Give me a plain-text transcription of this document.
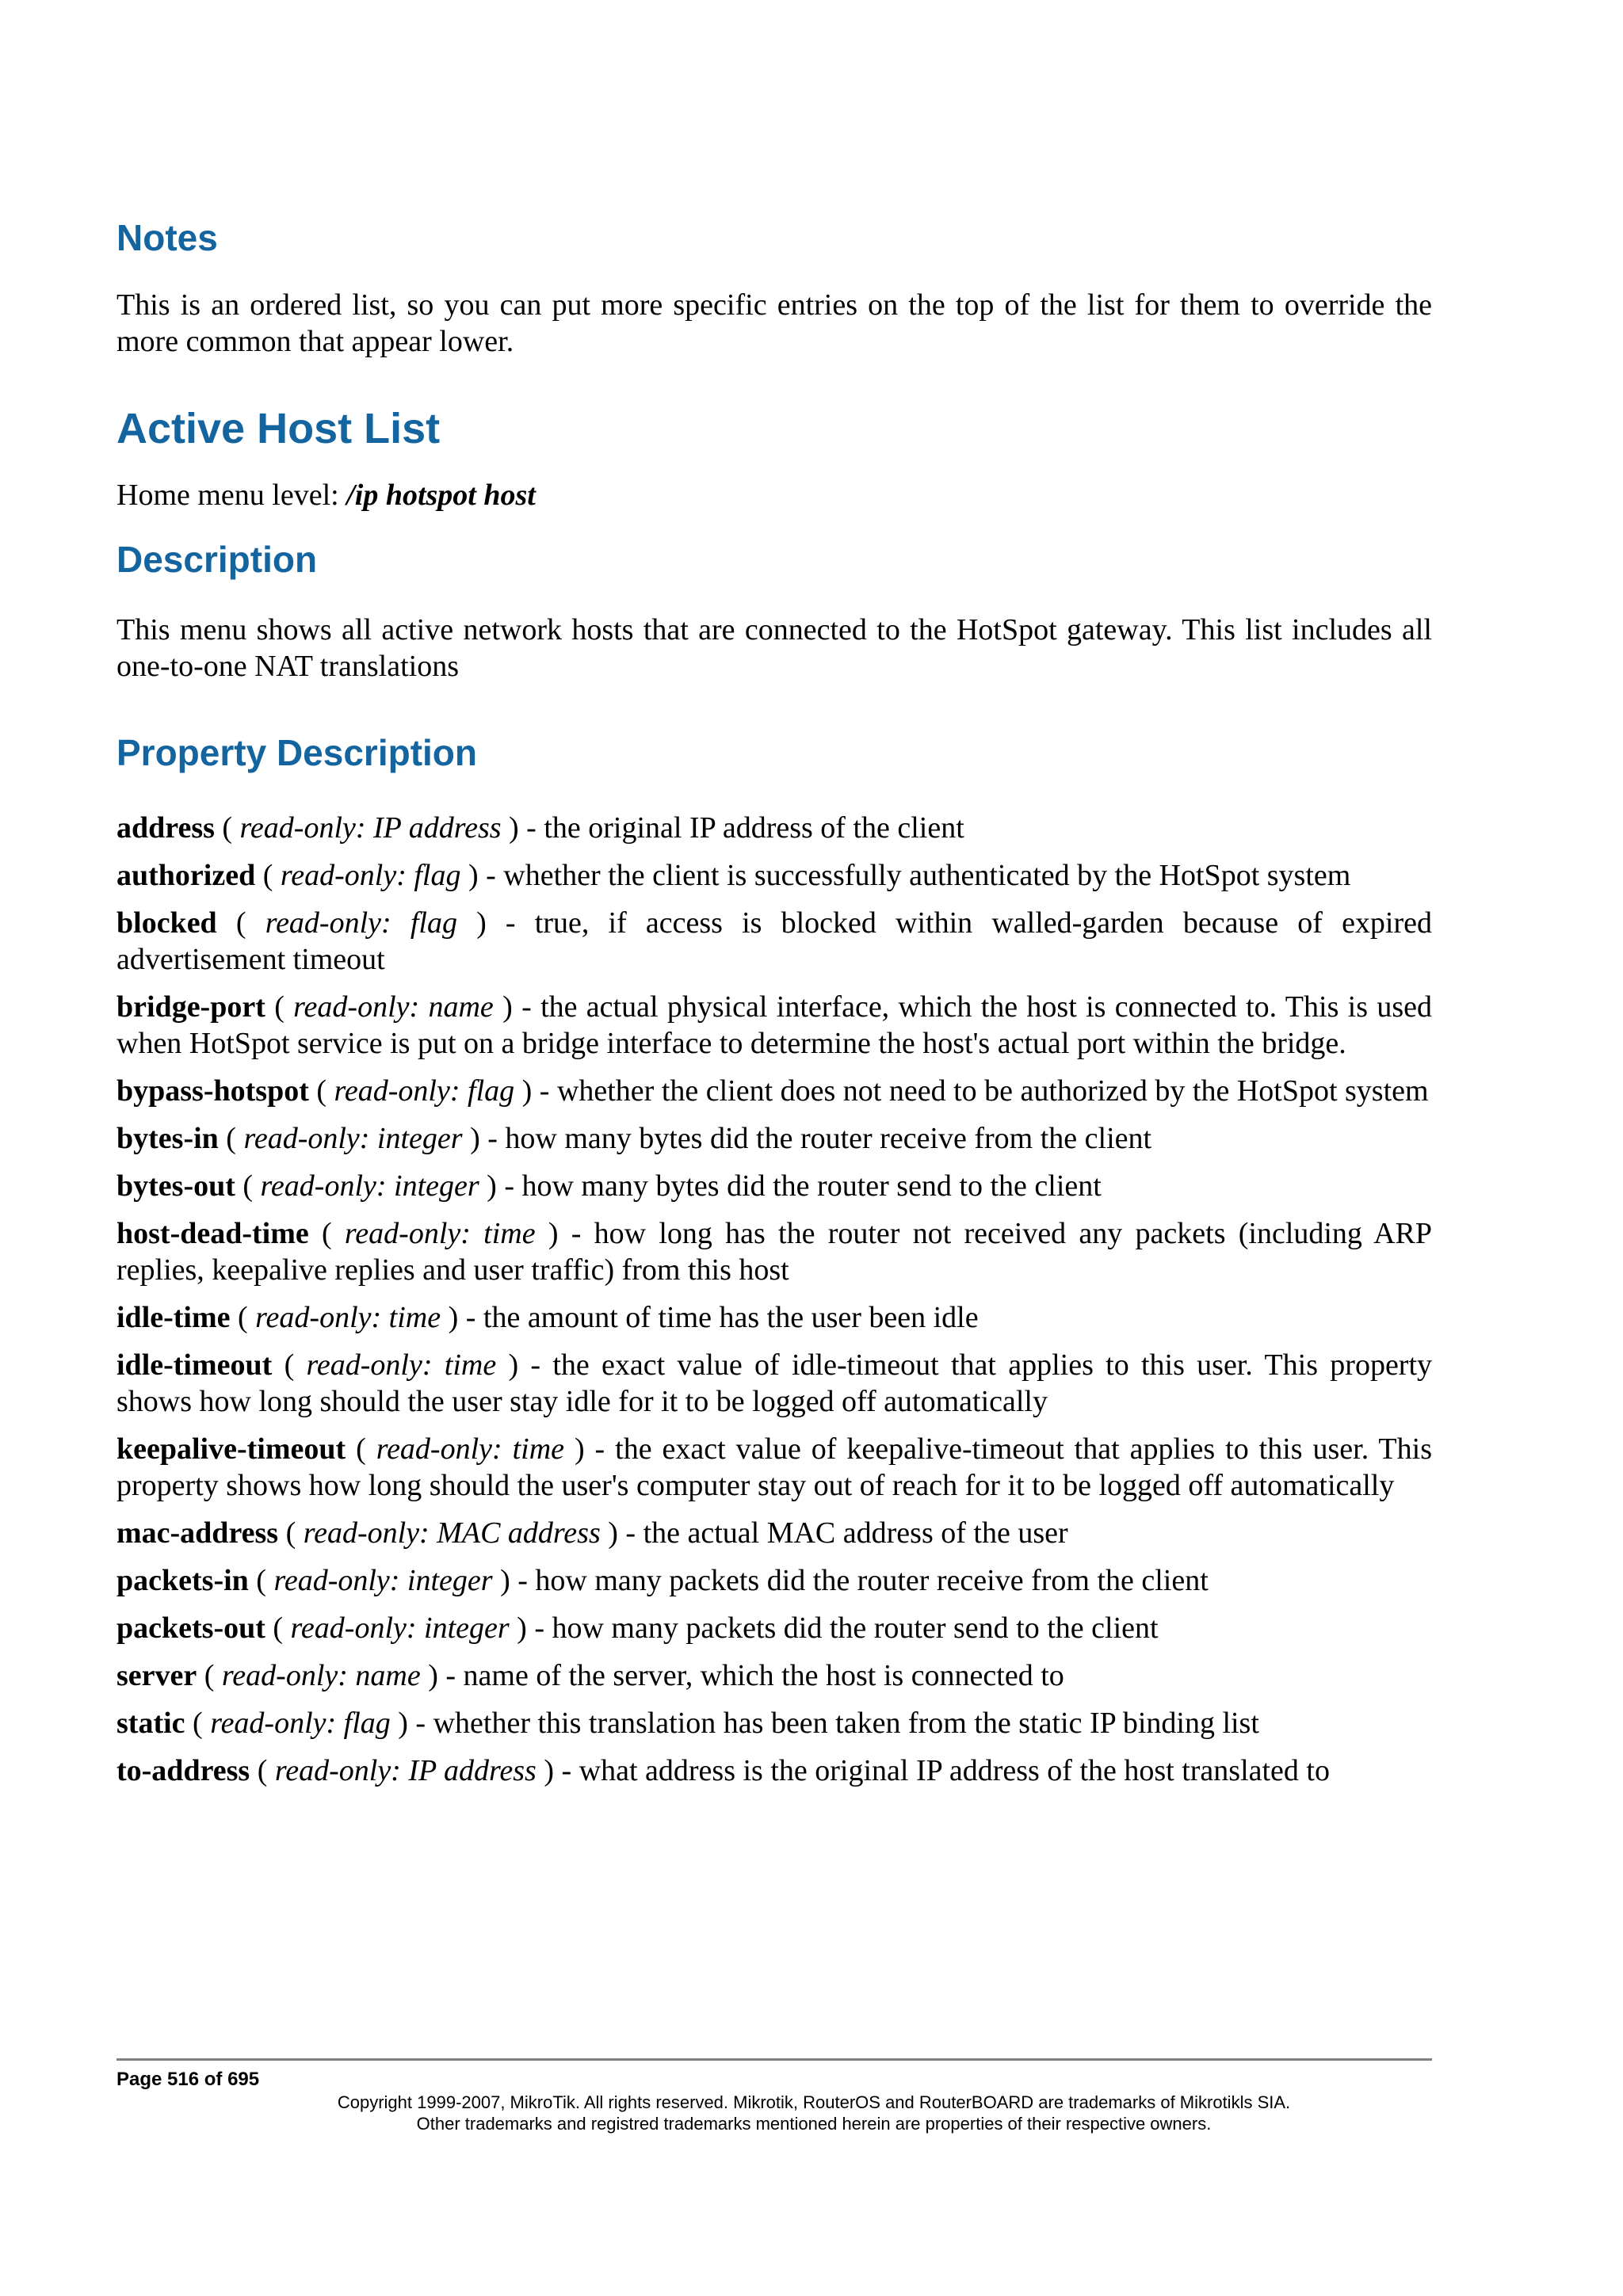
Notes

This is an ordered list, so you can put more specific entries on the top of the list for them to override the more common that appear lower.

Active Host List

Home menu level: /ip hotspot host

Description

This menu shows all active network hosts that are connected to the HotSpot gateway. This list includes all one-to-one NAT translations

Property Description

address ( read-only: IP address ) - the original IP address of the client

authorized ( read-only: flag ) - whether the client is successfully authenticated by the HotSpot system

blocked ( read-only: flag ) - true, if access is blocked within walled-garden because of expired advertisement timeout

bridge-port ( read-only: name ) - the actual physical interface, which the host is connected to. This is used when HotSpot service is put on a bridge interface to determine the host's actual port within the bridge.

bypass-hotspot ( read-only: flag ) - whether the client does not need to be authorized by the HotSpot system

bytes-in ( read-only: integer ) - how many bytes did the router receive from the client

bytes-out ( read-only: integer ) - how many bytes did the router send to the client

host-dead-time ( read-only: time ) - how long has the router not received any packets (including ARP replies, keepalive replies and user traffic) from this host

idle-time ( read-only: time ) - the amount of time has the user been idle

idle-timeout ( read-only: time ) - the exact value of idle-timeout that applies to this user. This property shows how long should the user stay idle for it to be logged off automatically

keepalive-timeout ( read-only: time ) - the exact value of keepalive-timeout that applies to this user. This property shows how long should the user's computer stay out of reach for it to be logged off automatically

mac-address ( read-only: MAC address ) - the actual MAC address of the user

packets-in ( read-only: integer ) - how many packets did the router receive from the client

packets-out ( read-only: integer ) - how many packets did the router send to the client

server ( read-only: name ) - name of the server, which the host is connected to

static ( read-only: flag ) - whether this translation has been taken from the static IP binding list

to-address ( read-only: IP address ) - what address is the original IP address of the host translated to

Page 516 of 695
Copyright 1999-2007, MikroTik. All rights reserved. Mikrotik, RouterOS and RouterBOARD are trademarks of Mikrotikls SIA.
Other trademarks and registred trademarks mentioned herein are properties of their respective owners.
